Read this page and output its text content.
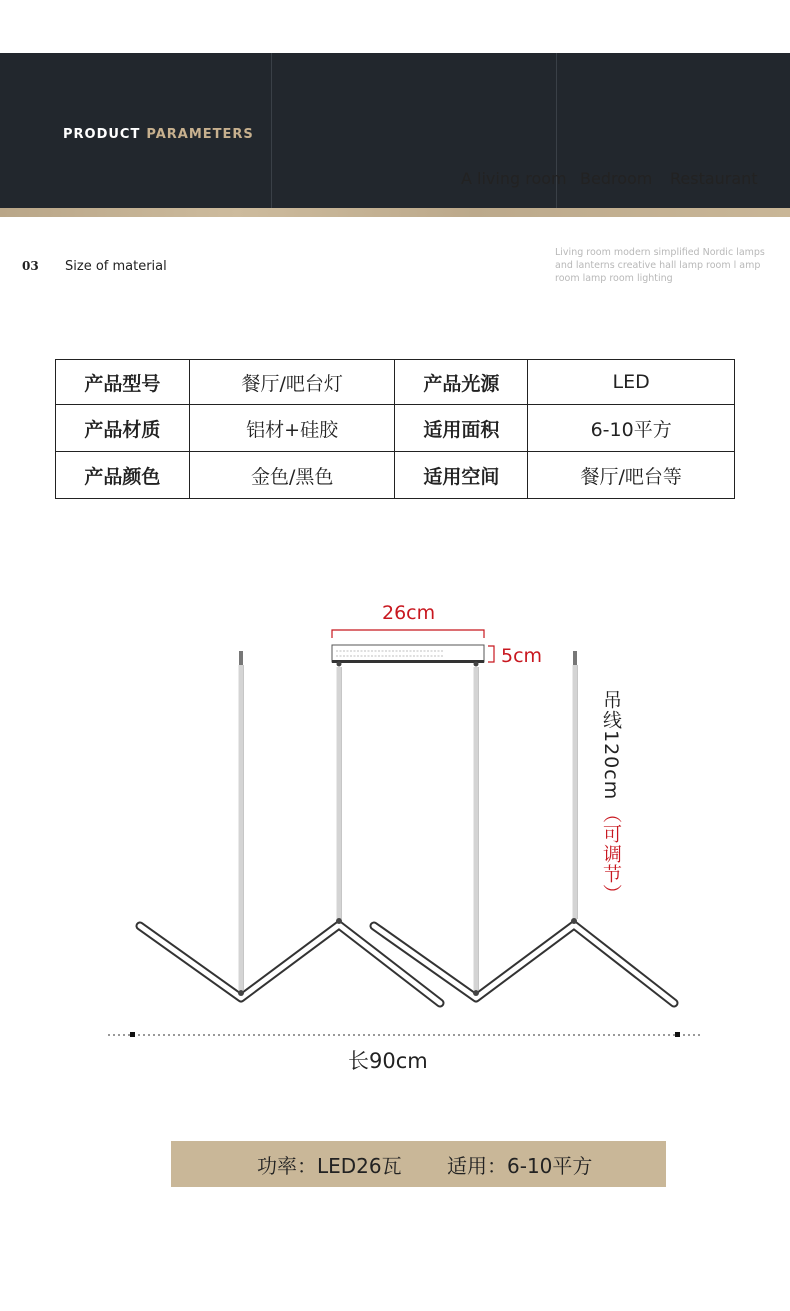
PRODUCT PARAMETERS
A living room Bedroom Restaurant
03 Size of material
Living room modern simplified Nordic lamps and lanterns creative hall lamp room l amp room lamp room lighting
产品型号	餐厅/吧台灯	产品光源	LED
产品材质	铝材+硅胶	适用面积	6-10平方
产品颜色	金色/黑色	适用空间	餐厅/吧台等
26cm
5cm
吊线120cm
（可调节）
长90cm
功率：LED26瓦 适用：6-10平方
